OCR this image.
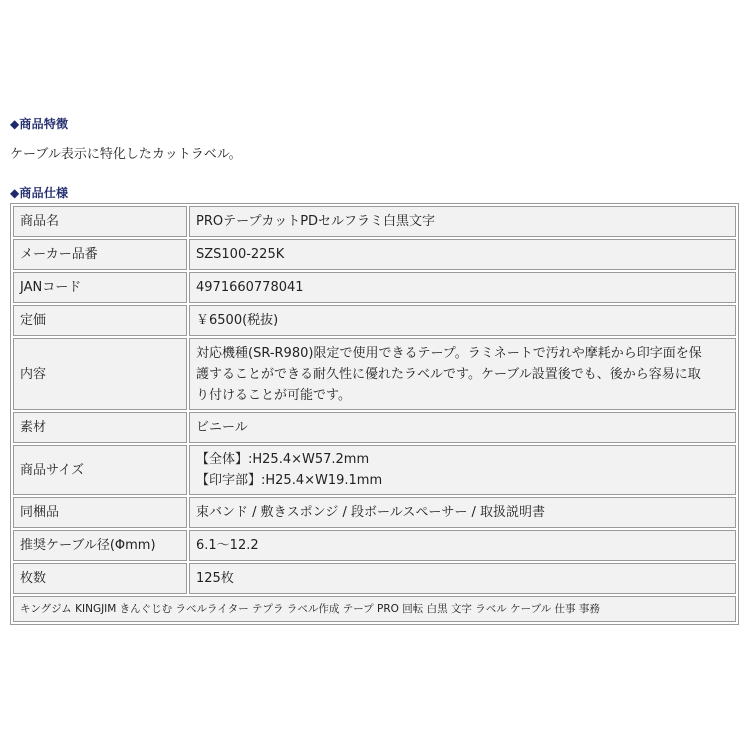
◆商品特徴
ケーブル表示に特化したカットラベル。
◆商品仕様
商品名	PROテープカットPDセルフラミ白黒文字
メーカー品番	SZS100-225K
JANコード	4971660778041
定価	￥6500(税抜)
内容	対応機種(SR-R980)限定で使用できるテープ。ラミネートで汚れや摩耗から印字面を保
護することができる耐久性に優れたラベルです。ケーブル設置後でも、後から容易に取
り付けることが可能です。

素材	ビニール
商品サイズ	【全体】:H25.4×W57.2mm
【印字部】:H25.4×W19.1mm

同梱品	束バンド / 敷きスポンジ / 段ボールスペーサー / 取扱説明書
推奨ケーブル径(Φmm)	6.1～12.2
枚数	125枚
キングジム KINGJIM きんぐじむ ラベルライター テプラ ラベル作成 テープ PRO 回転 白黒 文字 ラベル ケーブル 仕事 事務	
